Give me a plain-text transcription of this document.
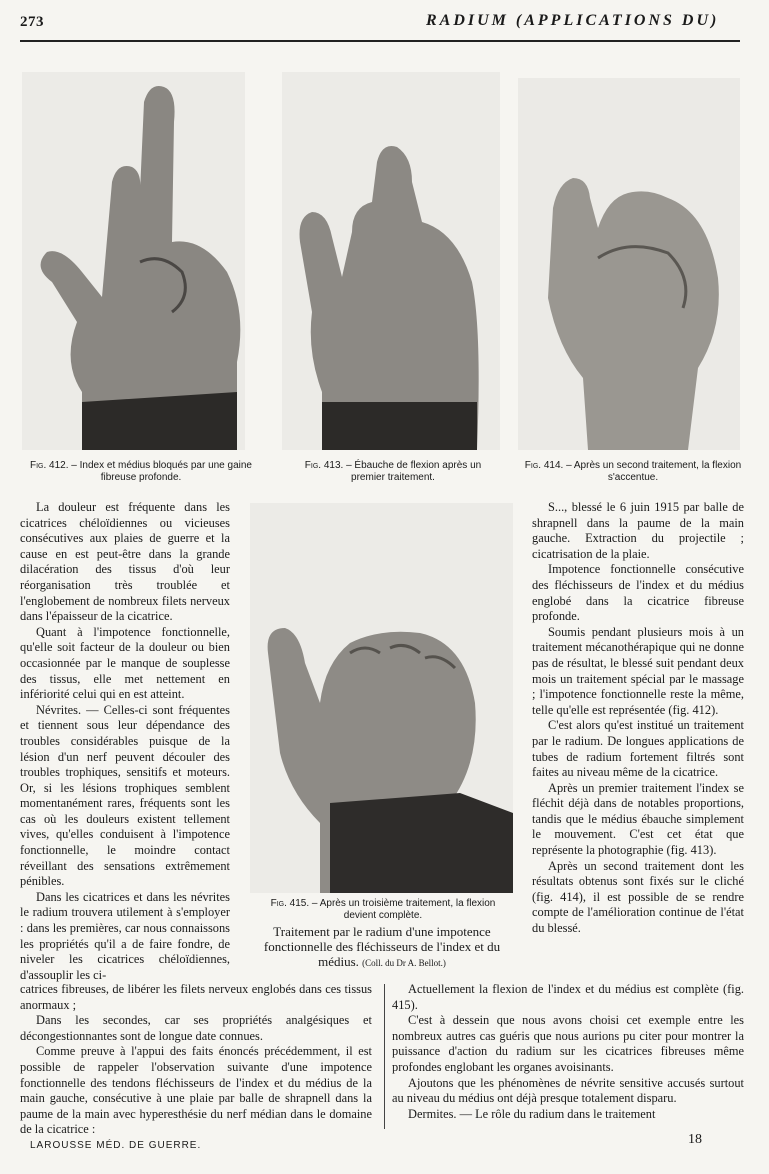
273	RADIUM (APPLICATIONS DU)
Fig. 412. – Index et médius bloqués par une gaine fibreuse profonde.
Fig. 413. – Ébauche de flexion après un premier traitement.
Fig. 414. – Après un second traitement, la flexion s'accentue.
Fig. 415. – Après un troisième traitement, la flexion devient complète.
Traitement par le radium d'une impotence fonctionnelle des fléchisseurs de l'index et du médius. (Coll. du Dr A. Bellot.)

La douleur est fréquente dans les cicatrices chéloïdiennes ou vicieuses consécutives aux plaies de guerre et la cause en est peut-être dans la grande dilacération des tissus d'où leur réorganisation très troublée et l'englobement de nombreux filets nerveux dans l'épaisseur de la cicatrice.

Quant à l'impotence fonctionnelle, qu'elle soit facteur de la douleur ou bien occasionnée par le manque de souplesse des tissus, elle met nettement en infériorité celui qui en est atteint.

Névrites. — Celles-ci sont fréquentes et tiennent sous leur dépendance des troubles considérables puisque de la lésion d'un nerf peuvent découler des troubles trophiques, sensitifs et moteurs. Or, si les lésions trophiques semblent momentanément rares, fréquents sont les cas où les douleurs existent tellement vives, qu'elles conduisent à l'impotence fonctionnelle, le moindre contact réveillant des sensations extrêmement pénibles.

Dans les cicatrices et dans les névrites le radium trouvera utilement à s'employer : dans les premières, car nous connaissons les propriétés qu'il a de faire fondre, de niveler les cicatrices chéloïdiennes, d'assouplir les ci-

catrices fibreuses, de libérer les filets nerveux englobés dans ces tissus anormaux ;

Dans les secondes, car ses propriétés analgésiques et décongestionnantes sont de longue date connues.

Comme preuve à l'appui des faits énoncés précédemment, il est possible de rappeler l'observation suivante d'une impotence fonctionnelle des tendons fléchisseurs de l'index et du médius de la main gauche, consécutive à une plaie par balle de shrapnell dans la paume de la main avec hyperesthésie du nerf médian dans le domaine de la cicatrice :

S..., blessé le 6 juin 1915 par balle de shrapnell dans la paume de la main gauche. Extraction du projectile ; cicatrisation de la plaie.

Impotence fonctionnelle consécutive des fléchisseurs de l'index et du médius englobé dans la cicatrice fibreuse profonde.

Soumis pendant plusieurs mois à un traitement mécanothérapique qui ne donne pas de résultat, le blessé suit pendant deux mois un traitement spécial par le massage ; l'impotence fonctionnelle reste la même, telle qu'elle est représentée (fig. 412).

C'est alors qu'est institué un traitement par le radium. De longues applications de tubes de radium fortement filtrés sont faites au niveau même de la cicatrice.

Après un premier traitement l'index se fléchit déjà dans de notables proportions, tandis que le médius ébauche simplement le mouvement. C'est cet état que représente la photographie (fig. 413).

Après un second traitement dont les résultats obtenus sont fixés sur le cliché (fig. 414), il est possible de se rendre compte de l'amélioration continue de l'état du blessé.

Actuellement la flexion de l'index et du médius est complète (fig. 415).

C'est à dessein que nous avons choisi cet exemple entre les nombreux autres cas guéris que nous aurions pu citer pour montrer la puissance d'action du radium sur les cicatrices fibreuses même profondes englobant les organes avoisinants.

Ajoutons que les phénomènes de névrite sensitive accusés surtout au niveau du médius ont déjà presque totalement disparu.

Dermites. — Le rôle du radium dans le traitement

LAROUSSE MÉD. DE GUERRE.	18
